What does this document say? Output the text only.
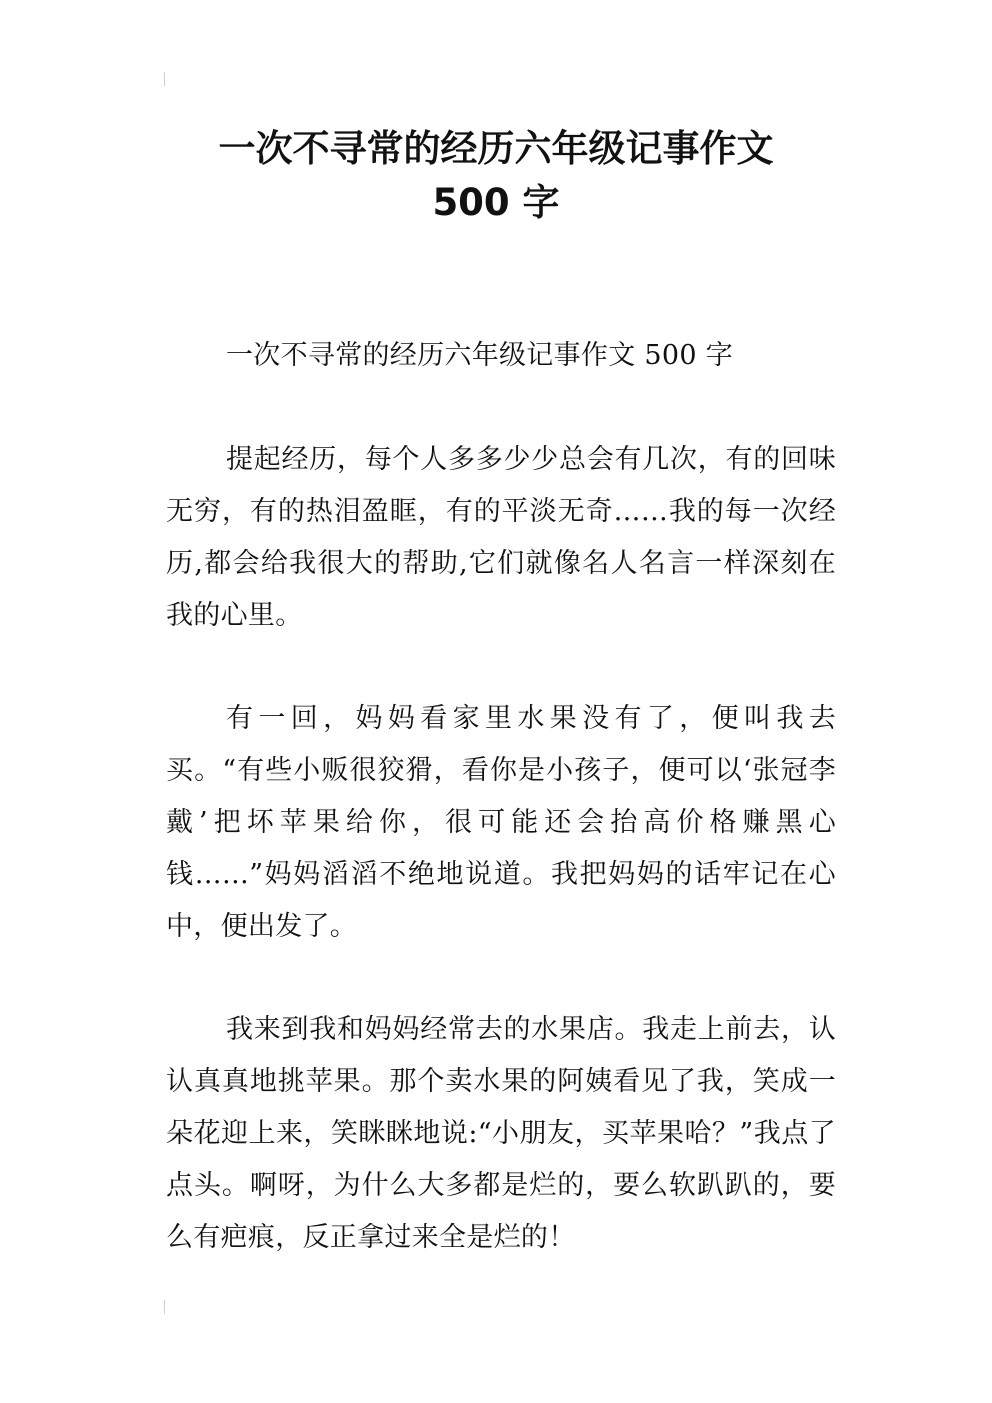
一次不寻常的经历六年级记事作文
500 字

一次不寻常的经历六年级记事作文 500 字

提起经历，每个人多多少少总会有几次，有的回味无穷，有的热泪盈眶，有的平淡无奇……我的每一次经历,都会给我很大的帮助,它们就像名人名言一样深刻在我的心里。

有一回，妈妈看家里水果没有了，便叫我去买。“有些小贩很狡猾，看你是小孩子，便可以‘张冠李戴’把坏苹果给你，很可能还会抬高价格赚黑心钱……”妈妈滔滔不绝地说道。我把妈妈的话牢记在心中，便出发了。

我来到我和妈妈经常去的水果店。我走上前去，认认真真地挑苹果。那个卖水果的阿姨看见了我，笑成一朵花迎上来，笑眯眯地说:“小朋友，买苹果哈？”我点了点头。啊呀，为什么大多都是烂的，要么软趴趴的，要么有疤痕，反正拿过来全是烂的！
